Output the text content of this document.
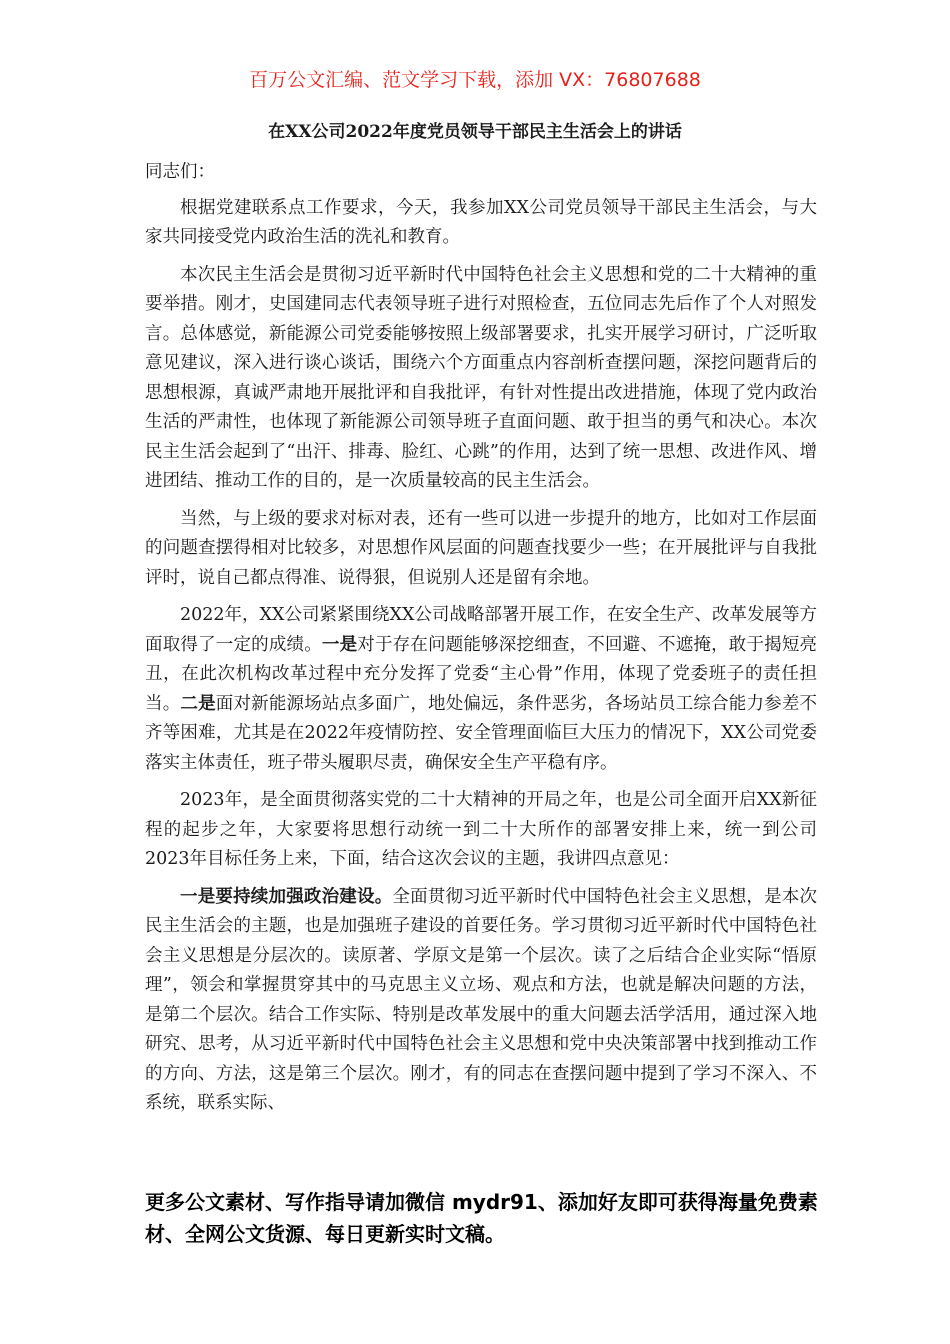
百万公文汇编、范文学习下载，添加 VX：76807688
在XX公司2022年度党员领导干部民主生活会上的讲话

同志们：

根据党建联系点工作要求，今天，我参加XX公司党员领导干部民主生活会，与大家共同接受党内政治生活的洗礼和教育。

本次民主生活会是贯彻习近平新时代中国特色社会主义思想和党的二十大精神的重要举措。刚才，史国建同志代表领导班子进行对照检查，五位同志先后作了个人对照发言。总体感觉，新能源公司党委能够按照上级部署要求，扎实开展学习研讨，广泛听取意见建议，深入进行谈心谈话，围绕六个方面重点内容剖析查摆问题，深挖问题背后的思想根源，真诚严肃地开展批评和自我批评，有针对性提出改进措施，体现了党内政治生活的严肃性，也体现了新能源公司领导班子直面问题、敢于担当的勇气和决心。本次民主生活会起到了“出汗、排毒、脸红、心跳”的作用，达到了统一思想、改进作风、增进团结、推动工作的目的，是一次质量较高的民主生活会。

当然，与上级的要求对标对表，还有一些可以进一步提升的地方，比如对工作层面的问题查摆得相对比较多，对思想作风层面的问题查找要少一些；在开展批评与自我批评时，说自己都点得准、说得狠，但说别人还是留有余地。

2022年，XX公司紧紧围绕XX公司战略部署开展工作，在安全生产、改革发展等方面取得了一定的成绩。一是对于存在问题能够深挖细查，不回避、不遮掩，敢于揭短亮丑，在此次机构改革过程中充分发挥了党委“主心骨”作用，体现了党委班子的责任担当。二是面对新能源场站点多面广，地处偏远，条件恶劣，各场站员工综合能力参差不齐等困难，尤其是在2022年疫情防控、安全管理面临巨大压力的情况下，XX公司党委落实主体责任，班子带头履职尽责，确保安全生产平稳有序。

2023年，是全面贯彻落实党的二十大精神的开局之年，也是公司全面开启XX新征程的起步之年，大家要将思想行动统一到二十大所作的部署安排上来，统一到公司2023年目标任务上来，下面，结合这次会议的主题，我讲四点意见：

一是要持续加强政治建设。全面贯彻习近平新时代中国特色社会主义思想，是本次民主生活会的主题，也是加强班子建设的首要任务。学习贯彻习近平新时代中国特色社会主义思想是分层次的。读原著、学原文是第一个层次。读了之后结合企业实际“悟原理”，领会和掌握贯穿其中的马克思主义立场、观点和方法，也就是解决问题的方法，是第二个层次。结合工作实际、特别是改革发展中的重大问题去活学活用，通过深入地研究、思考，从习近平新时代中国特色社会主义思想和党中央决策部署中找到推动工作的方向、方法，这是第三个层次。刚才，有的同志在查摆问题中提到了学习不深入、不系统，联系实际、

更多公文素材、写作指导请加微信 mydr91、添加好友即可获得海量免费素材、全网公文货源、每日更新实时文稿。
